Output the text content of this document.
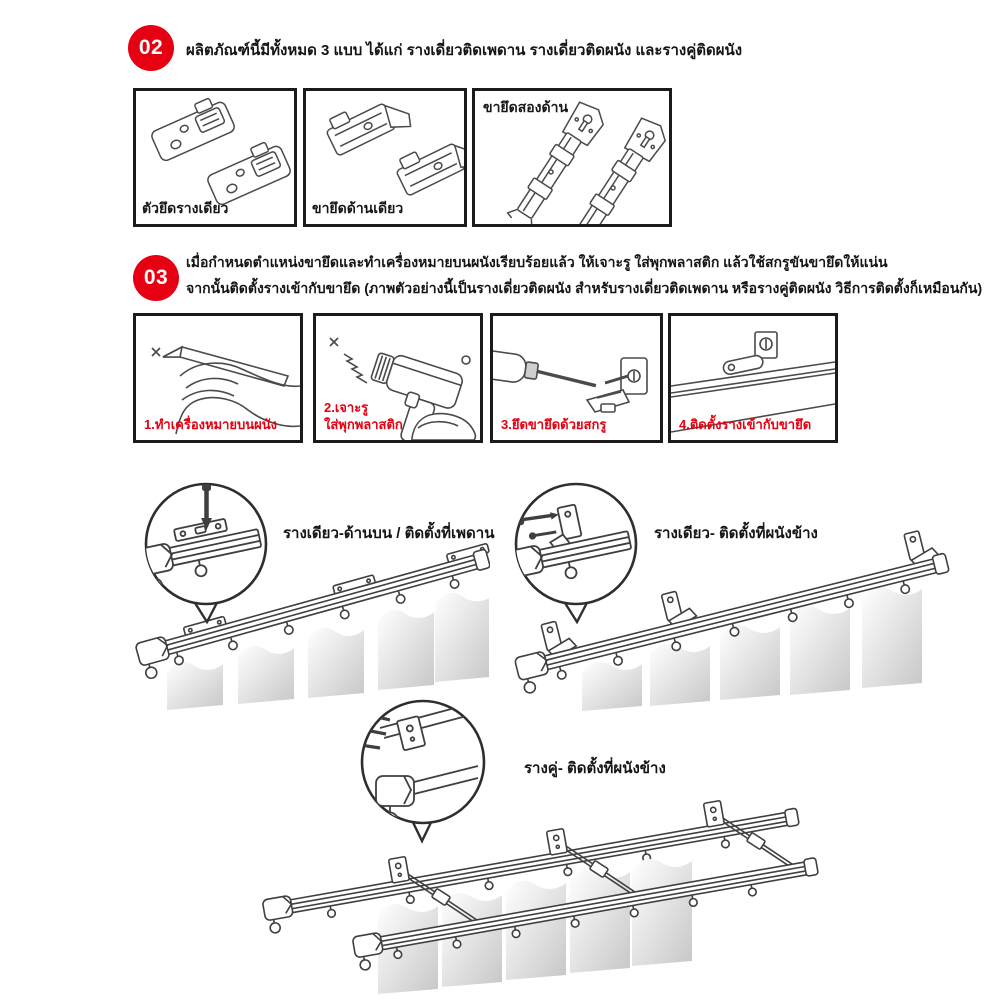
02 ผลิตภัณฑ์นี้มีทั้งหมด 3 แบบ ได้แก่ รางเดี่ยวติดเพดาน รางเดี่ยวติดผนัง และรางคู่ติดผนัง
ตัวยึดรางเดียว	ขายึดด้านเดียว
ขายึดสองด้าน
03
เมื่อกำหนดตำแหน่งขายึดและทำเครื่องหมายบนผนังเรียบร้อยแล้ว ให้เจาะรู ใส่พุกพลาสติก แล้วใช้สกรูขันขายึดให้แน่น
จากนั้นติดตั้งรางเข้ากับขายึด (ภาพตัวอย่างนี้เป็นรางเดี่ยวติดผนัง สำหรับรางเดี่ยวติดเพดาน หรือรางคู่ติดผนัง วิธีการติดตั้งก็เหมือนกัน)
1.ทำเครื่องหมายบนผนัง
2.เจาะรู
ใส่พุกพลาสติก	3.ยึดขายึดด้วยสกรู	4.ติดตั้งรางเข้ากับขายึด
รางเดียว-ด้านบน / ติดตั้งที่เพดาน	รางเดียว- ติดตั้งที่ผนังข้าง
รางคู่- ติดตั้งที่ผนังข้าง
